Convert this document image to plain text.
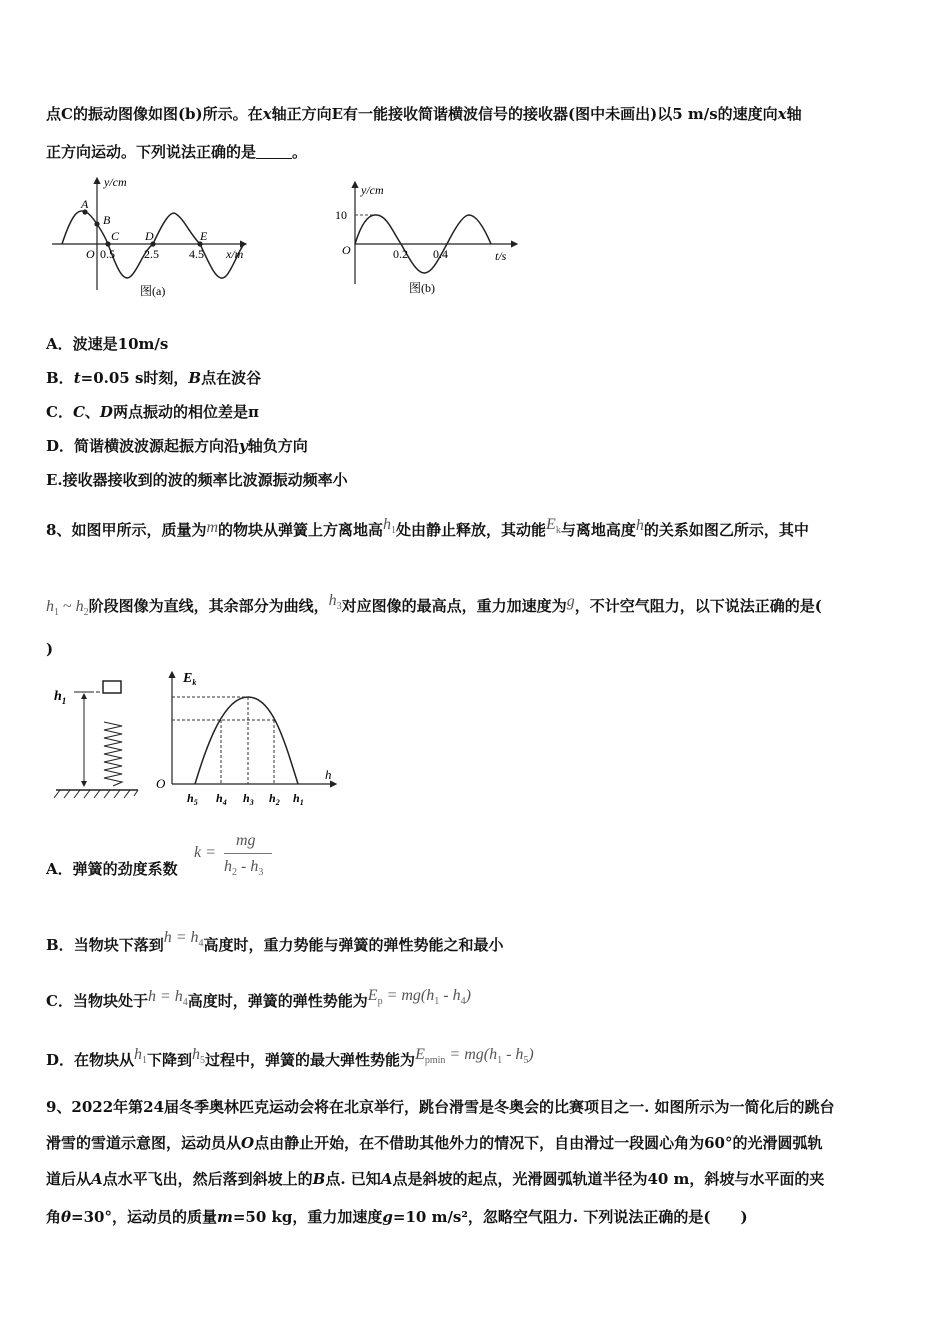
点C的振动图像如图(b)所示。在x轴正方向E有一能接收简谐横波信号的接收器(图中未画出)以5 m/s的速度向x轴
正方向运动。下列说法正确的是 。
y/cm
x/m
O
A
B
C D	E
0.5 2.5	4.5
图(a)
y/cm
10
O	0.2 0.4	t/s
图(b)
A．波速是10m/s
B．t=0.05 s时刻，B点在波谷
C．C、D两点振动的相位差是π
D．简谐横波波源起振方向沿y轴负方向
E.接收器接收到的波的频率比波源振动频率小
8、如图甲所示，质量为m的物块从弹簧上方离地高$h_1$处由静止释放，其动能$E_k$与离地高度h的关系如图乙所示，其中
$h_1$ ~ $h_2$阶段图像为直线，其余部分为曲线，$h_3$对应图像的最高点，重力加速度为g，不计空气阻力，以下说法正确的是(
)
$h_1$
$E_k$
O
h
$h_5$ $h_4$ $h_3$ $h_2$ $h_1$
A．弹簧的劲度系数
k =
mg
$h_2 - h_3$
B．当物块下落到$h = h_4$高度时，重力势能与弹簧的弹性势能之和最小
C．当物块处于$h = h_4$高度时，弹簧的弹性势能为$E_p = mg(h_1 - h_4)$
D．在物块从$h_1$下降到$h_5$过程中，弹簧的最大弹性势能为$E_{pmin} = mg(h_1 - h_5)$
9、2022年第24届冬季奥林匹克运动会将在北京举行，跳台滑雪是冬奥会的比赛项目之一. 如图所示为一简化后的跳台
滑雪的雪道示意图，运动员从O点由静止开始，在不借助其他外力的情况下，自由滑过一段圆心角为60°的光滑圆弧轨
道后从A点水平飞出，然后落到斜坡上的B点. 已知A点是斜坡的起点，光滑圆弧轨道半径为40 m，斜坡与水平面的夹
角θ=30°，运动员的质量m=50 kg，重力加速度g=10 m/s²，忽略空气阻力. 下列说法正确的是(　　)
